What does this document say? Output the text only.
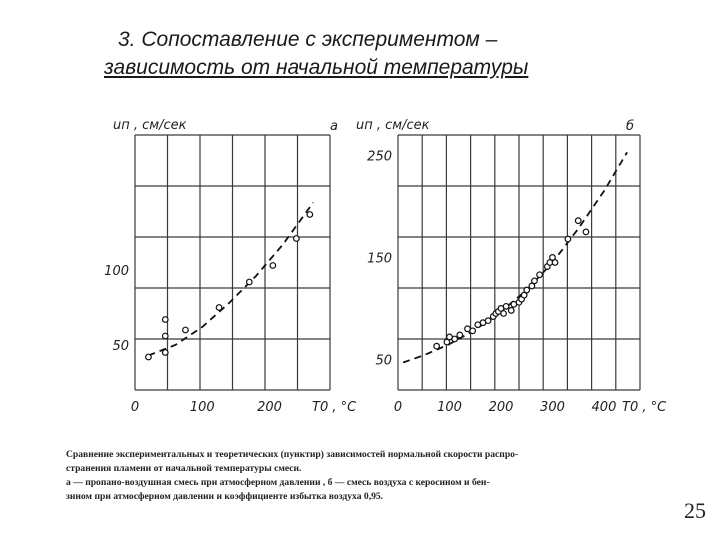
3. Сопоставление с экспериментом –
зависимость от начальной температуры
uп , см/сек	а
T0 , °C
0	100	200
50
100
uп , см/сек	б
T0 , °C
0	100 200 300 400
50
150
250

Сравнение экспериментальных и теоретических (пунктир) зависимостей нормальной скорости распро-

странения пламени от начальной температуры смеси.

а — пропано-воздушная смесь при атмосферном давлении , б — смесь воздуха с керосином и бен-

зином при атмосферном давлении и коэффициенте избытка воздуха 0,95.

25
